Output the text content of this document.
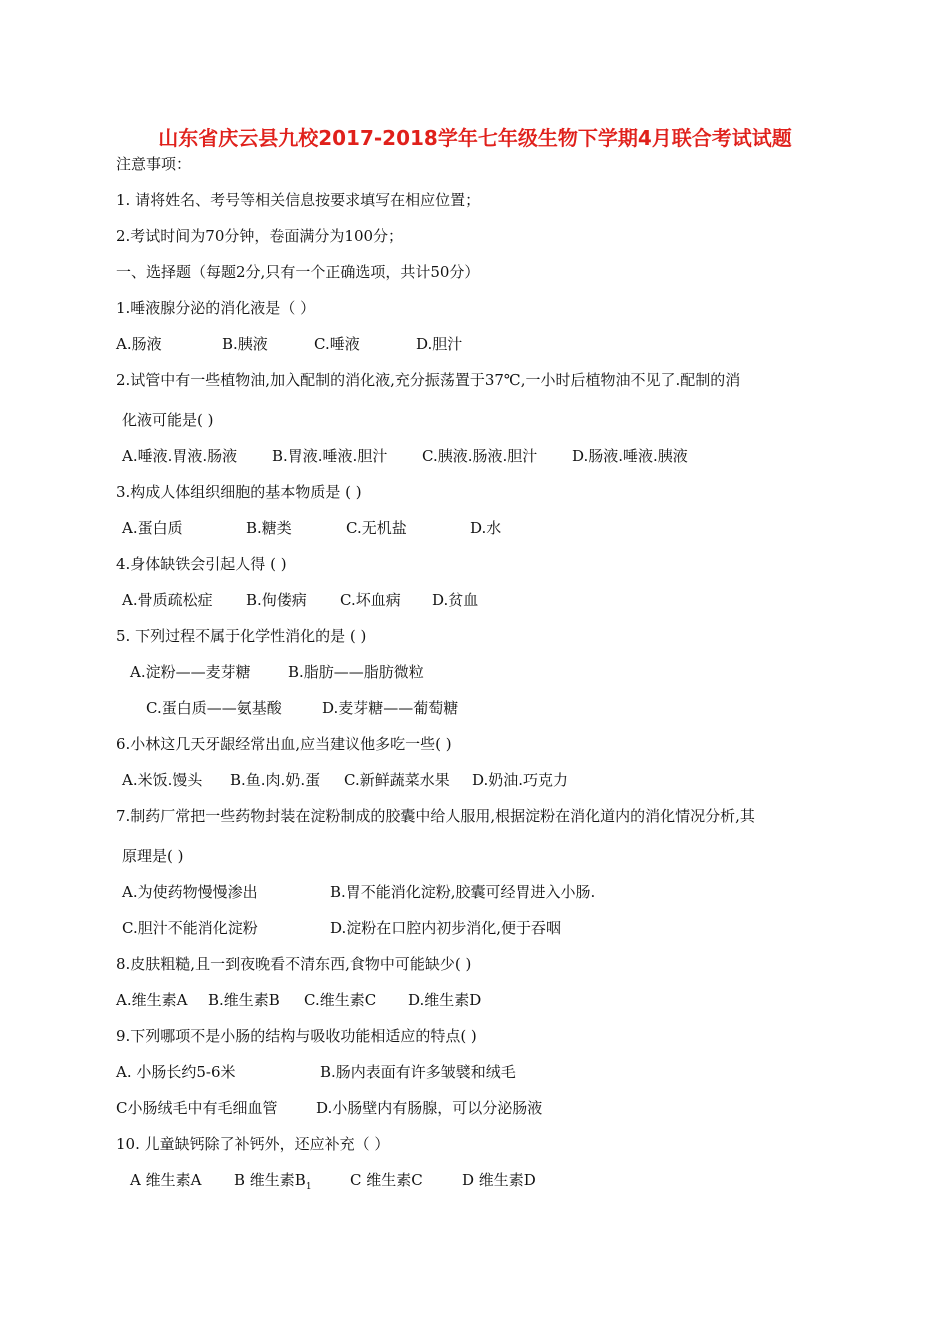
山东省庆云县九校2017-2018学年七年级生物下学期4月联合考试试题
注意事项：
1. 请将姓名、考号等相关信息按要求填写在相应位置；
2.考试时间为70分钟，卷面满分为100分；
一、选择题（每题2分,只有一个正确选项，共计50分）
1.唾液腺分泌的消化液是（ ）
A.肠液	B.胰液	C.唾液	D.胆汁
2.试管中有一些植物油,加入配制的消化液,充分振荡置于37℃,一小时后植物油不见了.配制的消
化液可能是( )
A.唾液.胃液.肠液 B.胃液.唾液.胆汁 C.胰液.肠液.胆汁 D.肠液.唾液.胰液
3.构成人体组织细胞的基本物质是 ( )
A.蛋白质	B.糖类	C.无机盐	D.水
4.身体缺铁会引起人得 ( )
A.骨质疏松症 B.佝偻病 C.坏血病 D.贫血
5. 下列过程不属于化学性消化的是 ( )
A.淀粉——麦芽糖 B.脂肪——脂肪微粒
C.蛋白质——氨基酸	D.麦芽糖——葡萄糖
6.小林这几天牙龈经常出血,应当建议他多吃一些( )
A.米饭.馒头 B.鱼.肉.奶.蛋 C.新鲜蔬菜水果 D.奶油.巧克力
7.制药厂常把一些药物封装在淀粉制成的胶囊中给人服用,根据淀粉在消化道内的消化情况分析,其
原理是( )
A.为使药物慢慢渗出	B.胃不能消化淀粉,胶囊可经胃进入小肠.
C.胆汁不能消化淀粉	D.淀粉在口腔内初步消化,便于吞咽
8.皮肤粗糙,且一到夜晚看不清东西,食物中可能缺少( )
A.维生素A B.维生素B C.维生素C D.维生素D
9.下列哪项不是小肠的结构与吸收功能相适应的特点( )
A. 小肠长约5-6米	B.肠内表面有许多皱襞和绒毛
C小肠绒毛中有毛细血管	D.小肠壁内有肠腺，可以分泌肠液
10. 儿童缺钙除了补钙外，还应补充（ ）
A 维生素A B 维生素$B_1$	C 维生素C	D 维生素D
